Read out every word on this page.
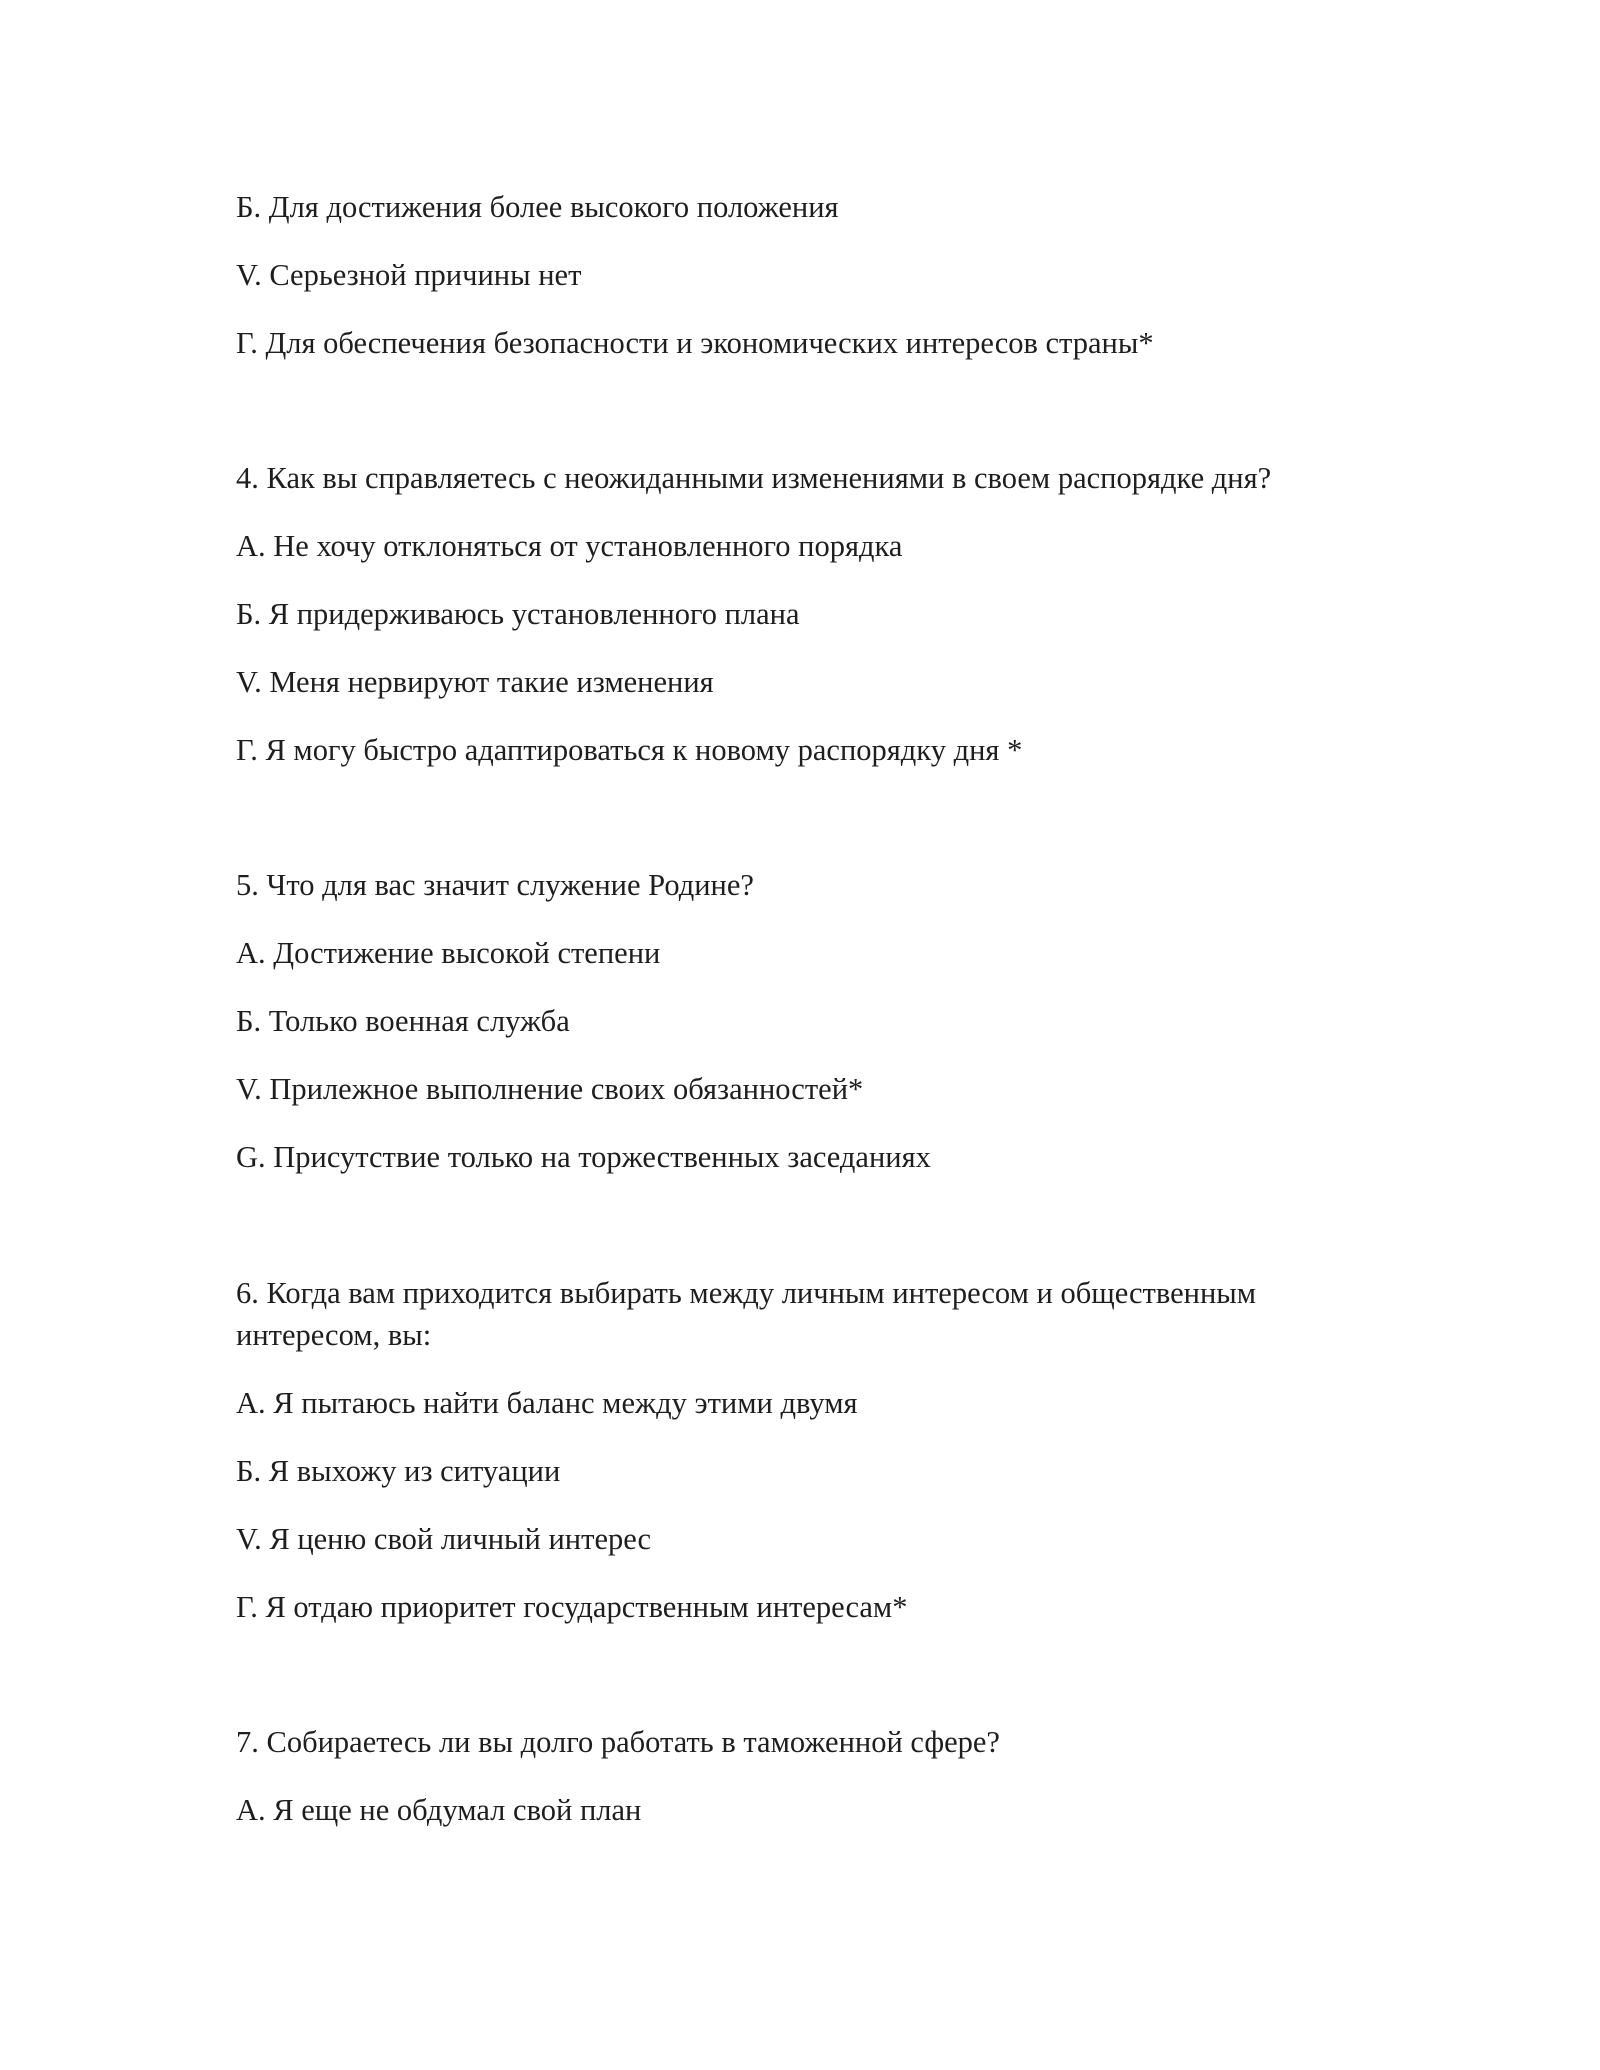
Б. Для достижения более высокого положения
V. Серьезной причины нет
Г. Для обеспечения безопасности и экономических интересов страны*
4. Как вы справляетесь с неожиданными изменениями в своем распорядке дня?
А. Не хочу отклоняться от установленного порядка
Б. Я придерживаюсь установленного плана
V. Меня нервируют такие изменения
Г. Я могу быстро адаптироваться к новому распорядку дня *
5. Что для вас значит служение Родине?
А. Достижение высокой степени
Б. Только военная служба
V. Прилежное выполнение своих обязанностей*
G. Присутствие только на торжественных заседаниях
6. Когда вам приходится выбирать между личным интересом и общественным
интересом, вы:
А. Я пытаюсь найти баланс между этими двумя
Б. Я выхожу из ситуации
V. Я ценю свой личный интерес
Г. Я отдаю приоритет государственным интересам*
7. Собираетесь ли вы долго работать в таможенной сфере?
А. Я еще не обдумал свой план
